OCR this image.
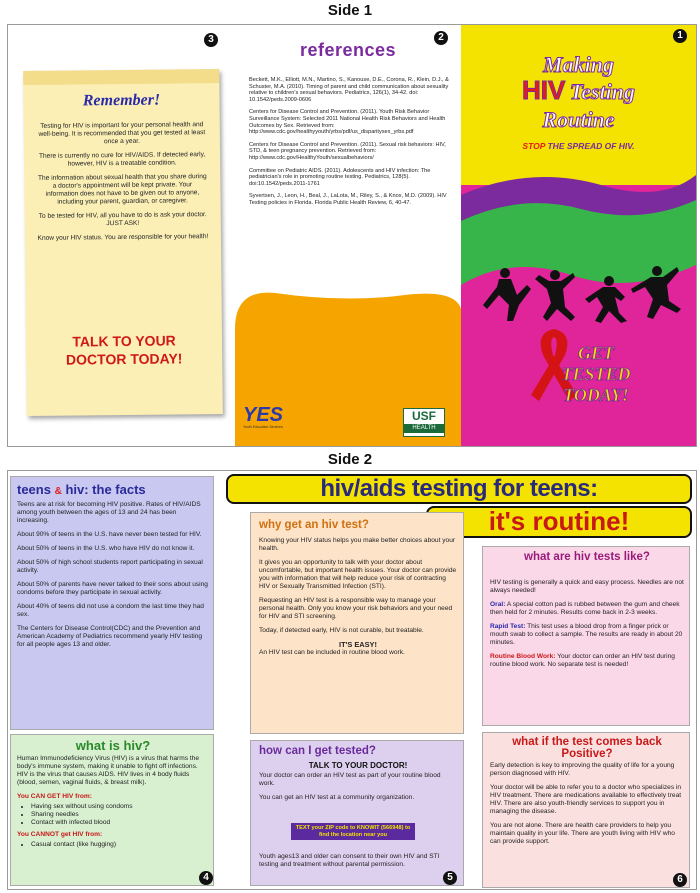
Side 1
3
Remember!

Testing for HIV is important for your personal health and well-being. It is recommended that you get tested at least once a year.

There is currently no cure for HIV/AIDS. If detected early, however, HIV is a treatable condition.

The information about sexual health that you share during a doctor's appointment will be kept private. Your information does not have to be given out to anyone, including your parent, guardian, or caregiver.

To be tested for HIV, all you have to do is ask your doctor. JUST ASK!

Know your HIV status. You are responsible for your health!

TALK TO YOUR DOCTOR TODAY!
2
references

Beckett, M.K., Elliott, M.N., Martino, S., Kanouse, D.E., Corona, R., Klein, D.J., & Schuster, M.A. (2010). Timing of parent and child communication about sexuality relative to children's sexual behaviors. Pediatrics, 126(1), 34-42. doi: 10.1542/peds.2009-0606

Centers for Disease Control and Prevention. (2011). Youth Risk Behavior Surveillance System: Selected 2011 National Health Risk Behaviors and Health Outcomes by Sex. Retrieved from: http://www.cdc.gov/healthyyouth/yrbs/pdf/us_disparitysex_yrbs.pdf

Centers for Disease Control and Prevention. (2011). Sexual risk behaviors: HIV, STD, & teen pregnancy prevention. Retrieved from: http://www.cdc.gov/HealthyYouth/sexualbehaviors/

Committee on Pediatric AIDS. (2011). Adolescents and HIV infection: The pediatrician's role in promoting routine testing. Pediatrics, 128(5). doi:10.1542/peds.2011-1761

Syvertsen, J., Leon, H., Beal, J., LaLota, M., Riley, S., & Knox, M.D. (2009). HIV Testing policies in Florida. Florida Public Health Review, 6, 40-47.

YES
Youth Education Services
USF
HEALTH
1
Making
HIV Testing
Routine
STOP THE SPREAD OF HIV.
GET
TESTED
TODAY!
Side 2
hiv/aids testing for teens:
it's routine!
teens & hiv: the facts

Teens are at risk for becoming HIV positive. Rates of HIV/AIDS among youth between the ages of 13 and 24 has been increasing.

About 90% of teens in the U.S. have never been tested for HIV.

About 50% of teens in the U.S. who have HIV do not know it.

About 50% of high school students report participating in sexual activity.

About 50% of parents have never talked to their sons about using condoms before they participate in sexual activity.

About 40% of teens did not use a condom the last time they had sex.

The Centers for Disease Control(CDC) and the Prevention and American Academy of Pediatrics recommend yearly HIV testing for all people ages 13 and older.

what is hiv?

Human Immunodeficiency Virus (HIV) is a virus that harms the body's immune system, making it unable to fight off infections. HIV is the virus that causes AIDS. HIV lives in 4 body fluids (blood, semen, vaginal fluids, & breast milk).

You CAN GET HIV from:
• Having sex without using condoms
• Sharing needles
• Contact with infected blood
You CANNOT get HIV from:
• Casual contact (like hugging)
4
why get an hiv test?

Knowing your HIV status helps you make better choices about your health.

It gives you an opportunity to talk with your doctor about uncomfortable, but important health issues. Your doctor can provide you with information that will help reduce your risk of contracting HIV or Sexually Transmitted Infection (STI).

Requesting an HIV test is a responsible way to manage your personal health. Only you know your risk behaviors and your need for HIV and STI screening.

Today, if detected early, HIV is not curable, but treatable.

IT'S EASY!

An HIV test can be included in routine blood work.

how can I get tested?
TALK TO YOUR DOCTOR!

Your doctor can order an HIV test as part of your routine blood work.

You can get an HIV test at a community organization.

TEXT your ZIP code to KNOWIT (566948) to find the location near you
Youth ages13 and older can consent to their own HIV and STI testing and treatment without parental permission.
5
what are hiv tests like?

HIV testing is generally a quick and easy process. Needles are not always needed!

Oral: A special cotton pad is rubbed between the gum and cheek then held for 2 minutes. Results come back in 2-3 weeks.

Rapid Test: This test uses a blood drop from a finger prick or mouth swab to collect a sample. The results are ready in about 20 minutes.

Routine Blood Work: Your doctor can order an HIV test during routine blood work. No separate test is needed!

what if the test comes back Positive?

Early detection is key to improving the quality of life for a young person diagnosed with HIV.

Your doctor will be able to refer you to a doctor who specializes in HIV treatment. There are medications available to effectively treat HIV. There are also youth-friendly services to support you in managing the disease.

You are not alone. There are health care providers to help you maintain quality in your life. There are youth living with HIV who can provide support.

6
